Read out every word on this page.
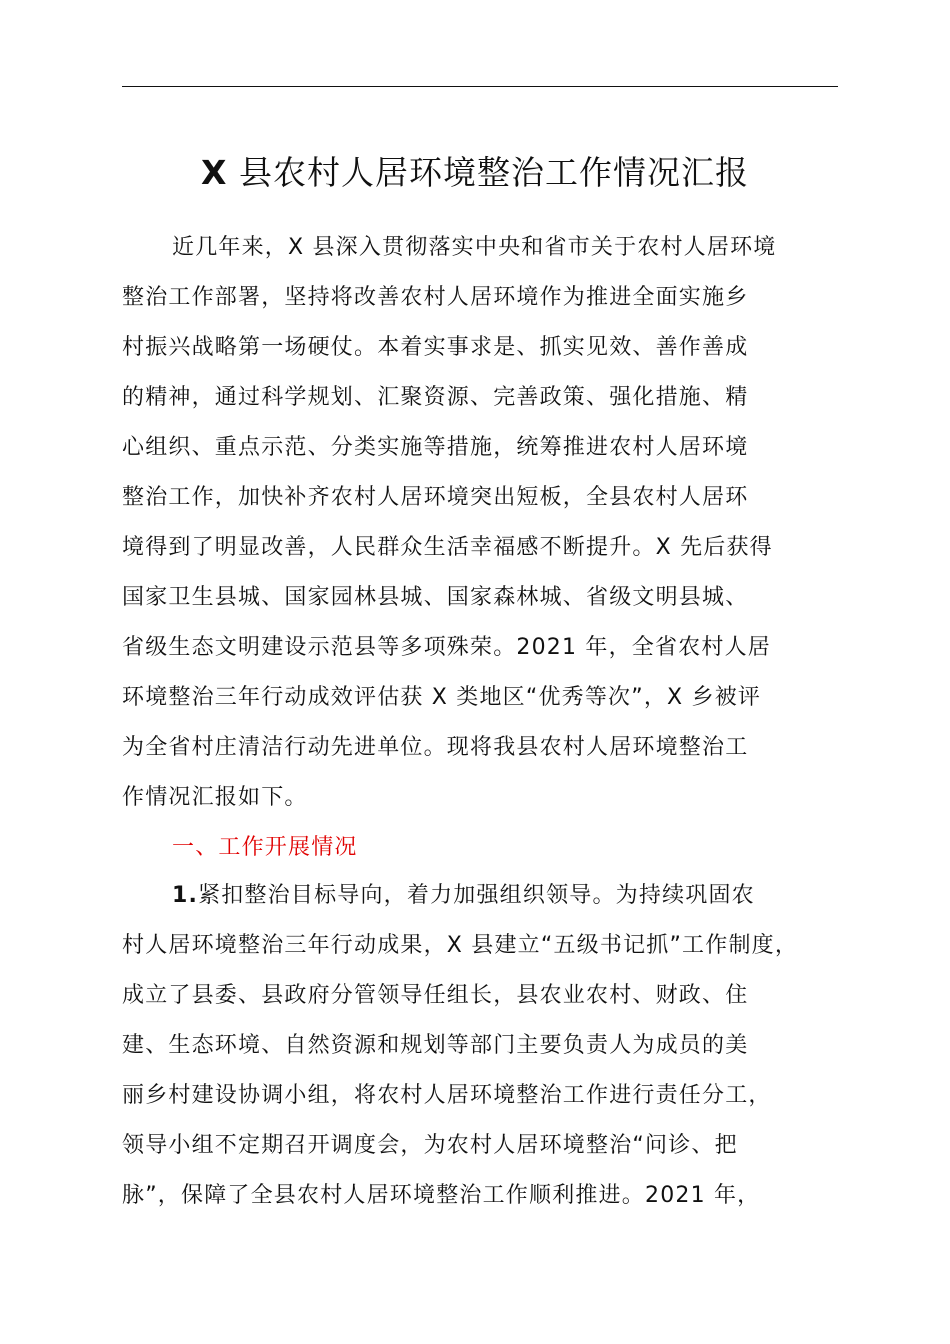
X 县农村人居环境整治工作情况汇报
近几年来，X 县深入贯彻落实中央和省市关于农村人居环境
整治工作部署，坚持将改善农村人居环境作为推进全面实施乡
村振兴战略第一场硬仗。本着实事求是、抓实见效、善作善成
的精神，通过科学规划、汇聚资源、完善政策、强化措施、精
心组织、重点示范、分类实施等措施，统筹推进农村人居环境
整治工作，加快补齐农村人居环境突出短板，全县农村人居环
境得到了明显改善，人民群众生活幸福感不断提升。X 先后获得
国家卫生县城、国家园林县城、国家森林城、省级文明县城、
省级生态文明建设示范县等多项殊荣。2021 年，全省农村人居
环境整治三年行动成效评估获 X 类地区“优秀等次”，X 乡被评
为全省村庄清洁行动先进单位。现将我县农村人居环境整治工
作情况汇报如下。
一、工作开展情况
1.紧扣整治目标导向，着力加强组织领导。为持续巩固农
村人居环境整治三年行动成果，X 县建立“五级书记抓”工作制度，
成立了县委、县政府分管领导任组长，县农业农村、财政、住
建、生态环境、自然资源和规划等部门主要负责人为成员的美
丽乡村建设协调小组，将农村人居环境整治工作进行责任分工，
领导小组不定期召开调度会，为农村人居环境整治“问诊、把
脉”，保障了全县农村人居环境整治工作顺利推进。2021 年，
